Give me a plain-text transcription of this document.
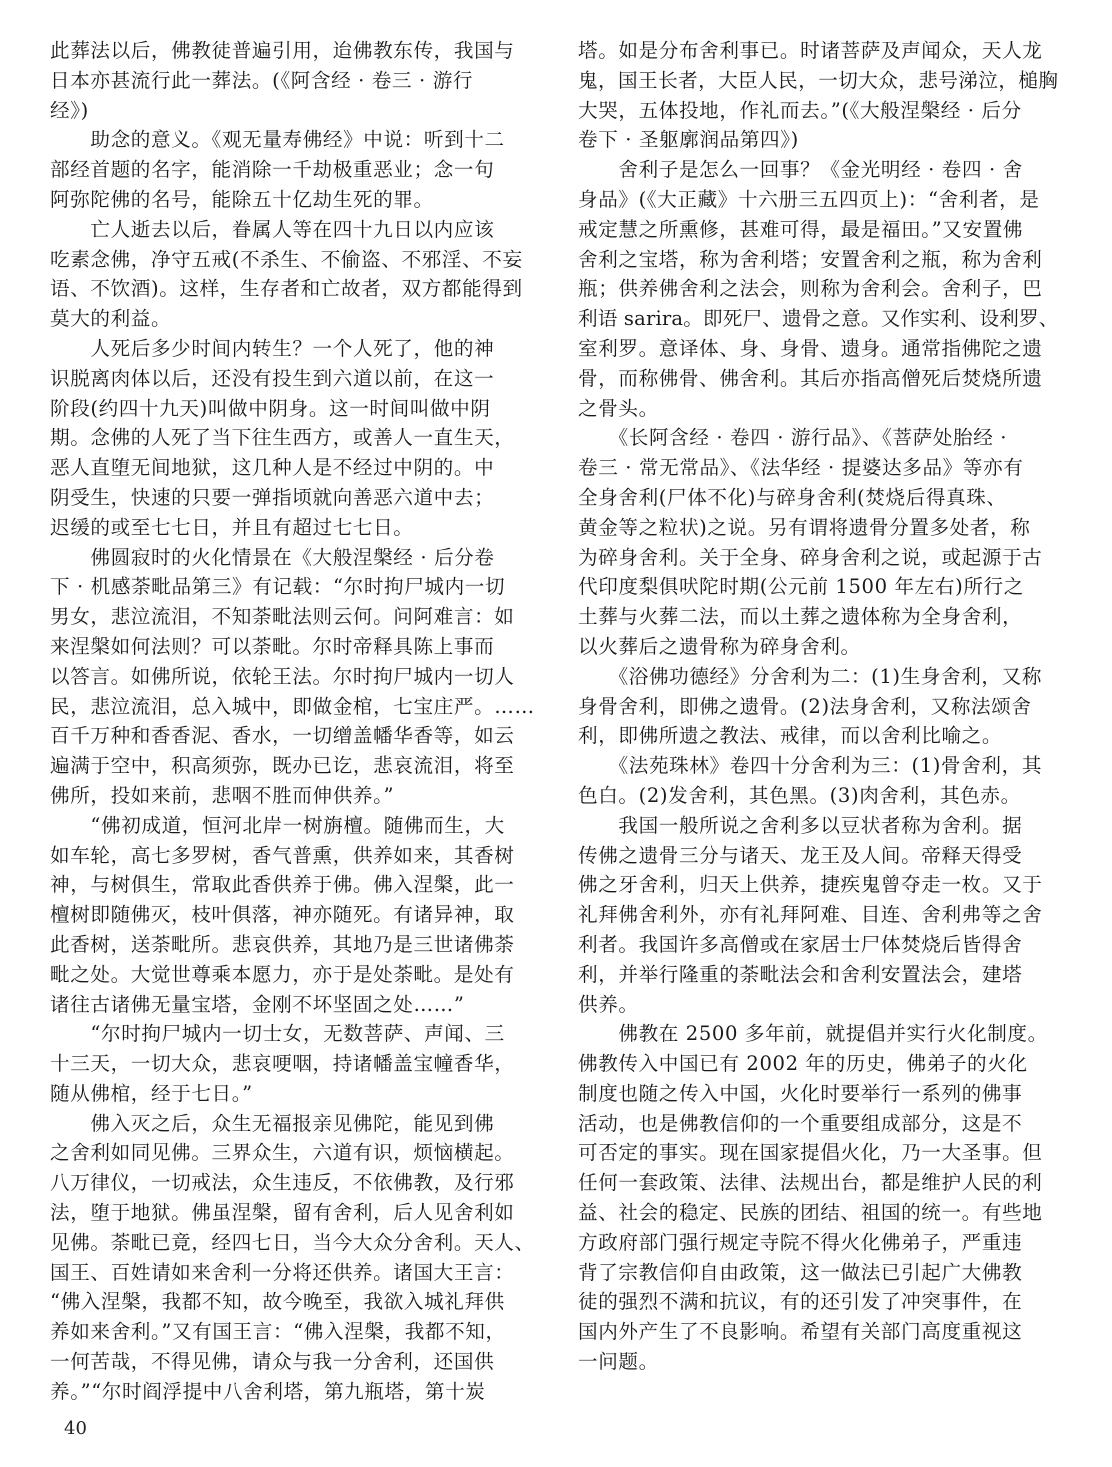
此葬法以后，佛教徒普遍引用，迨佛教东传，我国与
日本亦甚流行此一葬法。(《阿含经 · 卷三 · 游行
经》)
　　助念的意义。《观无量寿佛经》中说：听到十二
部经首题的名字，能消除一千劫极重恶业；念一句
阿弥陀佛的名号，能除五十亿劫生死的罪。
　　亡人逝去以后，眷属人等在四十九日以内应该
吃素念佛，净守五戒(不杀生、不偷盗、不邪淫、不妄
语、不饮酒)。这样，生存者和亡故者，双方都能得到
莫大的利益。
　　人死后多少时间内转生？一个人死了，他的神
识脱离肉体以后，还没有投生到六道以前，在这一
阶段(约四十九天)叫做中阴身。这一时间叫做中阴
期。念佛的人死了当下往生西方，或善人一直生天，
恶人直堕无间地狱，这几种人是不经过中阴的。中
阴受生，快速的只要一弹指顷就向善恶六道中去；
迟缓的或至七七日，并且有超过七七日。
　　佛圆寂时的火化情景在《大般涅槃经 · 后分卷
下 · 机感荼毗品第三》有记载：“尔时拘尸城内一切
男女，悲泣流泪，不知荼毗法则云何。问阿难言：如
来涅槃如何法则？可以荼毗。尔时帝释具陈上事而
以答言。如佛所说，依轮王法。尔时拘尸城内一切人
民，悲泣流泪，总入城中，即做金棺，七宝庄严。……
百千万种和香香泥、香水，一切缯盖幡华香等，如云
遍满于空中，积高须弥，既办已讫，悲哀流泪，将至
佛所，投如来前，悲咽不胜而伸供养。”
　　“佛初成道，恒河北岸一树旃檀。随佛而生，大
如车轮，高七多罗树，香气普熏，供养如来，其香树
神，与树俱生，常取此香供养于佛。佛入涅槃，此一
檀树即随佛灭，枝叶俱落，神亦随死。有诸异神，取
此香树，送荼毗所。悲哀供养，其地乃是三世诸佛荼
毗之处。大觉世尊乘本愿力，亦于是处荼毗。是处有
诸往古诸佛无量宝塔，金刚不坏坚固之处……”
　　“尔时拘尸城内一切士女，无数菩萨、声闻、三
十三天，一切大众，悲哀哽咽，持诸幡盖宝幢香华，
随从佛棺，经于七日。”
　　佛入灭之后，众生无福报亲见佛陀，能见到佛
之舍利如同见佛。三界众生，六道有识，烦恼横起。
八万律仪，一切戒法，众生违反，不依佛教，及行邪
法，堕于地狱。佛虽涅槃，留有舍利，后人见舍利如
见佛。荼毗已竟，经四七日，当今大众分舍利。天人、
国王、百姓请如来舍利一分将还供养。诸国大王言：
“佛入涅槃，我都不知，故今晚至，我欲入城礼拜供
养如来舍利。”又有国王言：“佛入涅槃，我都不知，
一何苦哉，不得见佛，请众与我一分舍利，还国供
养。”“尔时阎浮提中八舍利塔，第九瓶塔，第十炭
塔。如是分布舍利事已。时诸菩萨及声闻众，天人龙
鬼，国王长者，大臣人民，一切大众，悲号涕泣，槌胸
大哭，五体投地，作礼而去。”(《大般涅槃经 · 后分
卷下 · 圣躯廓润品第四》)
　　舍利子是怎么一回事？《金光明经 · 卷四 · 舍
身品》(《大正藏》十六册三五四页上)：“舍利者，是
戒定慧之所熏修，甚难可得，最是福田。”又安置佛
舍利之宝塔，称为舍利塔；安置舍利之瓶，称为舍利
瓶；供养佛舍利之法会，则称为舍利会。舍利子，巴
利语 sarira。即死尸、遗骨之意。又作实利、设利罗、
室利罗。意译体、身、身骨、遗身。通常指佛陀之遗
骨，而称佛骨、佛舍利。其后亦指高僧死后焚烧所遗
之骨头。
　　《长阿含经 · 卷四 · 游行品》、《菩萨处胎经 ·
卷三 · 常无常品》、《法华经 · 提婆达多品》等亦有
全身舍利(尸体不化)与碎身舍利(焚烧后得真珠、
黄金等之粒状)之说。另有谓将遗骨分置多处者，称
为碎身舍利。关于全身、碎身舍利之说，或起源于古
代印度梨俱吠陀时期(公元前 1500 年左右)所行之
土葬与火葬二法，而以土葬之遗体称为全身舍利，
以火葬后之遗骨称为碎身舍利。
　　《浴佛功德经》分舍利为二：(1)生身舍利，又称
身骨舍利，即佛之遗骨。(2)法身舍利，又称法颂舍
利，即佛所遗之教法、戒律，而以舍利比喻之。
　　《法苑珠林》卷四十分舍利为三：(1)骨舍利，其
色白。(2)发舍利，其色黑。(3)肉舍利，其色赤。
　　我国一般所说之舍利多以豆状者称为舍利。据
传佛之遗骨三分与诸天、龙王及人间。帝释天得受
佛之牙舍利，归天上供养，捷疾鬼曾夺走一枚。又于
礼拜佛舍利外，亦有礼拜阿难、目连、舍利弗等之舍
利者。我国许多高僧或在家居士尸体焚烧后皆得舍
利，并举行隆重的荼毗法会和舍利安置法会，建塔
供养。
　　佛教在 2500 多年前，就提倡并实行火化制度。
佛教传入中国已有 2002 年的历史，佛弟子的火化
制度也随之传入中国，火化时要举行一系列的佛事
活动，也是佛教信仰的一个重要组成部分，这是不
可否定的事实。现在国家提倡火化，乃一大圣事。但
任何一套政策、法律、法规出台，都是维护人民的利
益、社会的稳定、民族的团结、祖国的统一。有些地
方政府部门强行规定寺院不得火化佛弟子，严重违
背了宗教信仰自由政策，这一做法已引起广大佛教
徒的强烈不满和抗议，有的还引发了冲突事件，在
国内外产生了不良影响。希望有关部门高度重视这
一问题。
40
